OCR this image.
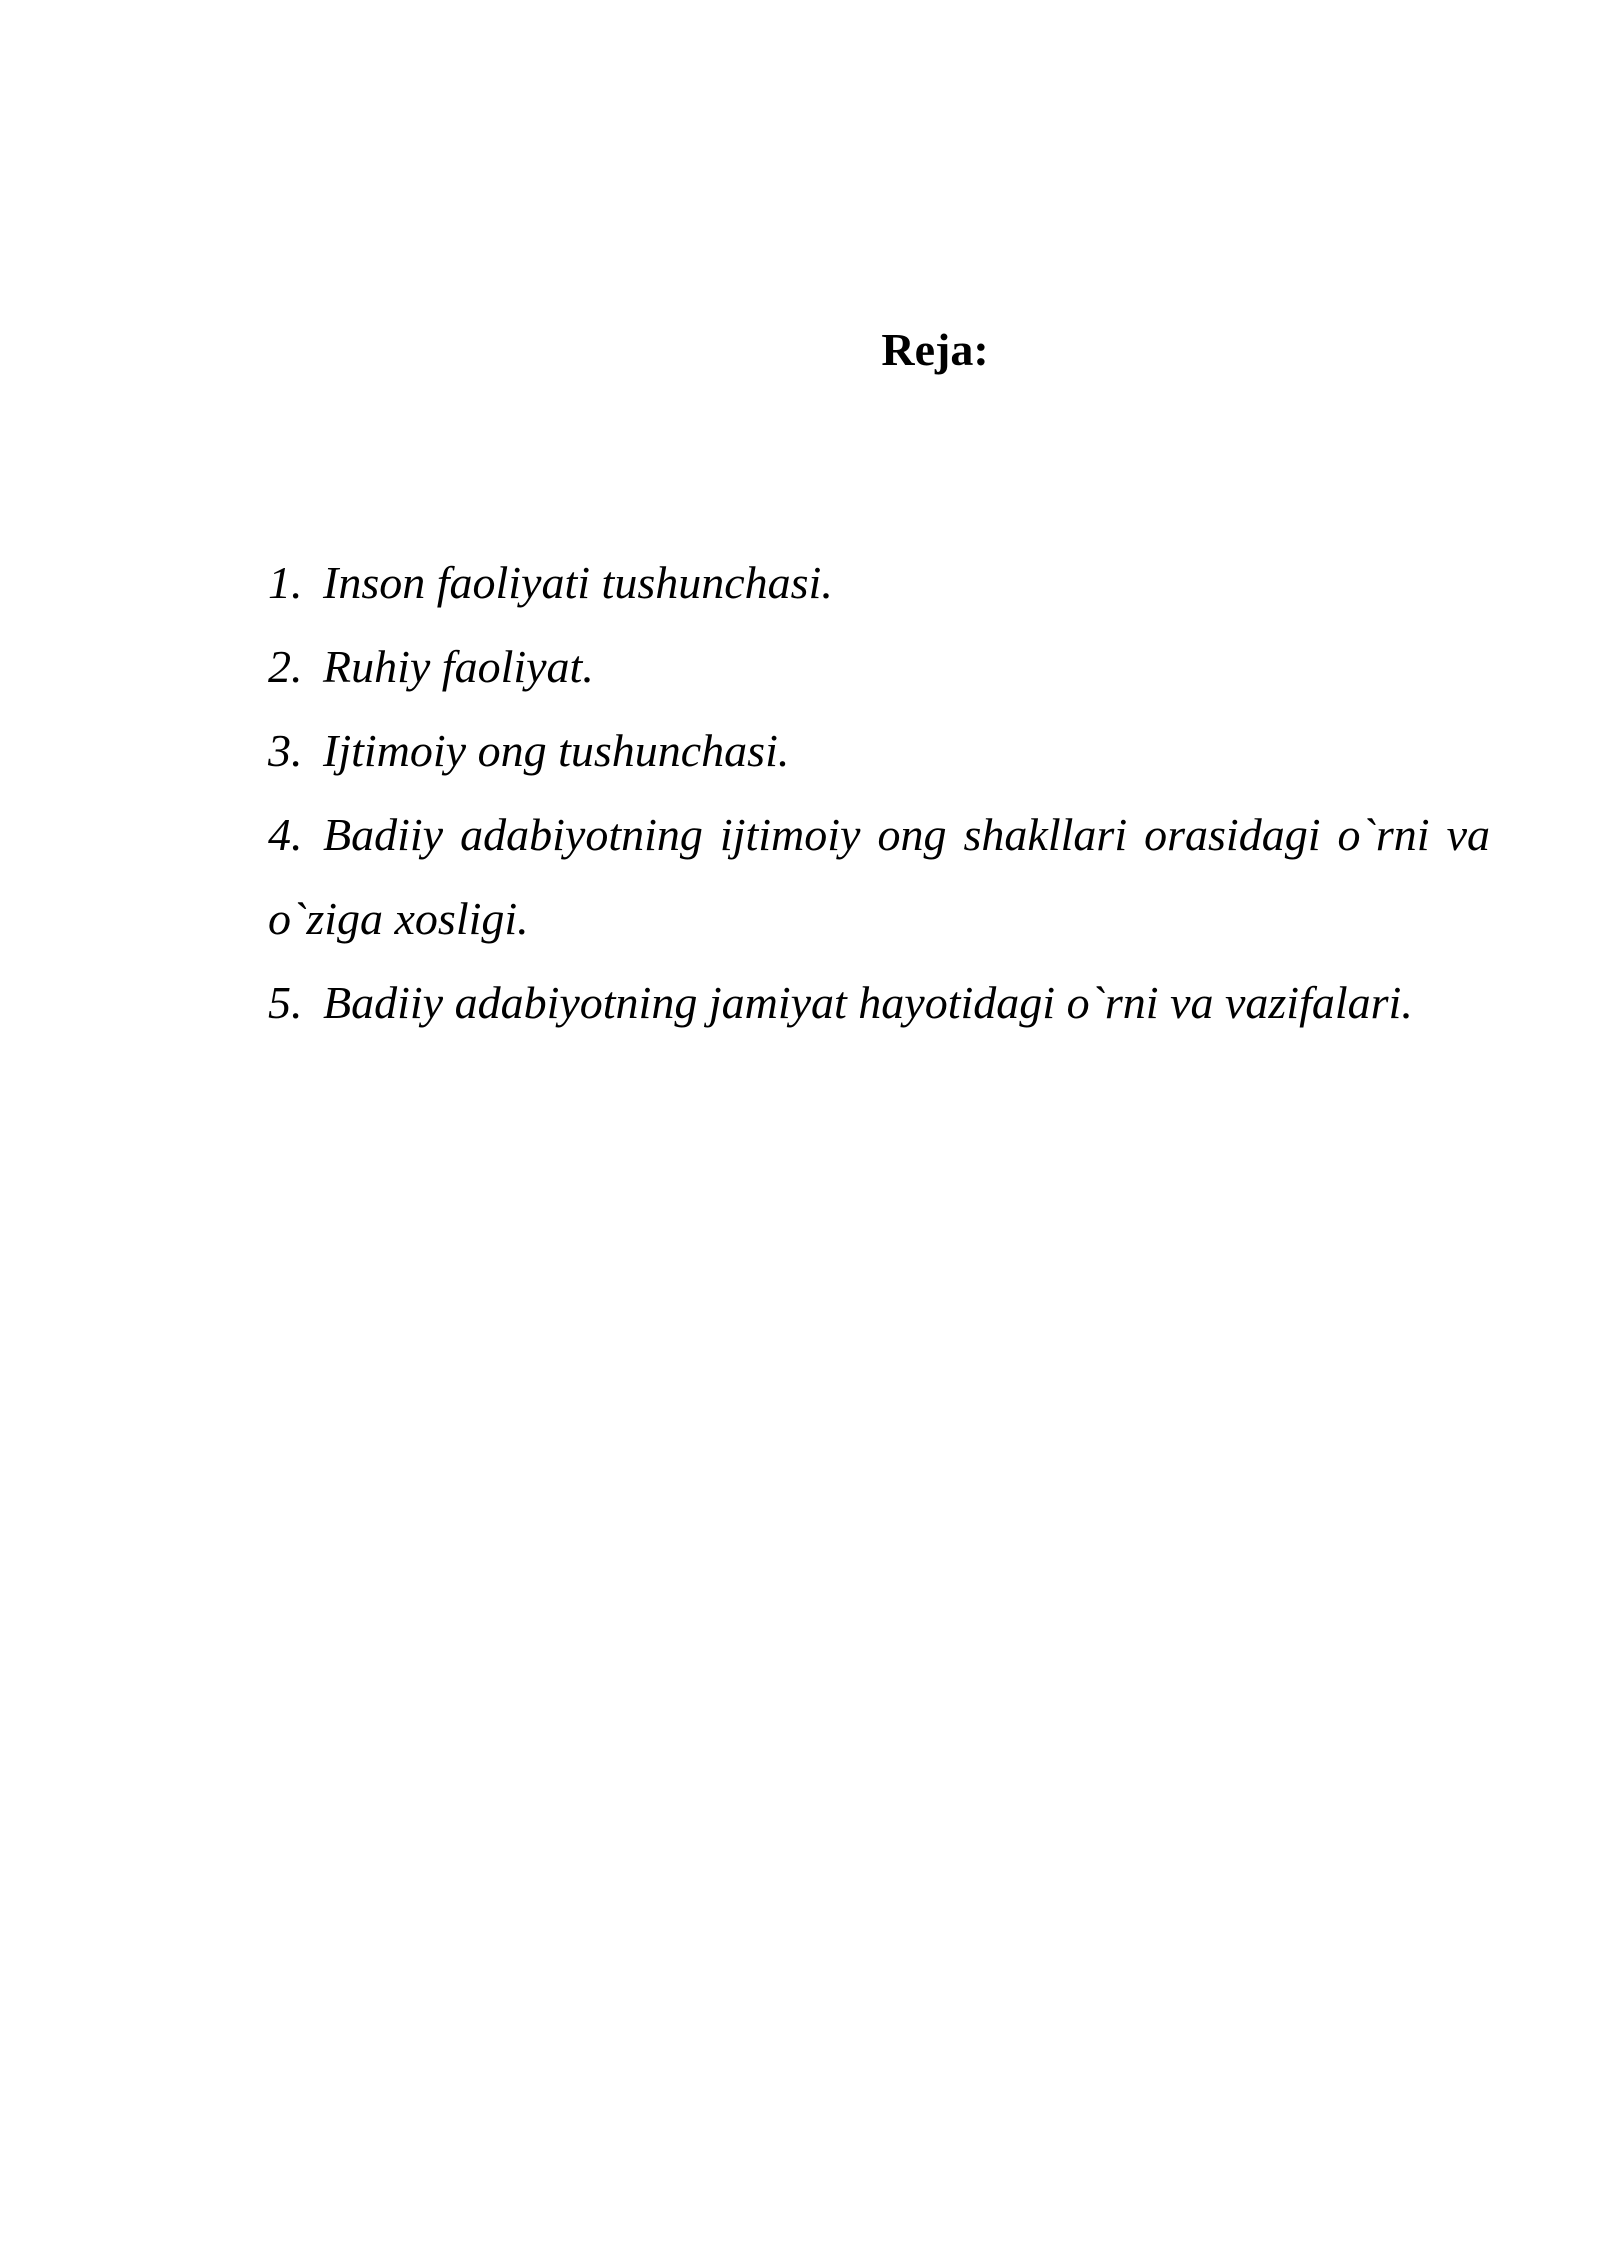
Reja:
1. Inson faoliyati tushunchasi.
2. Ruhiy faoliyat.
3. Ijtimoiy ong tushunchasi.
4. Badiiy adabiyotning ijtimoiy ong shakllari orasidagi o`rni va o`ziga xosligi.
5. Badiiy adabiyotning jamiyat hayotidagi o`rni va vazifalari.
